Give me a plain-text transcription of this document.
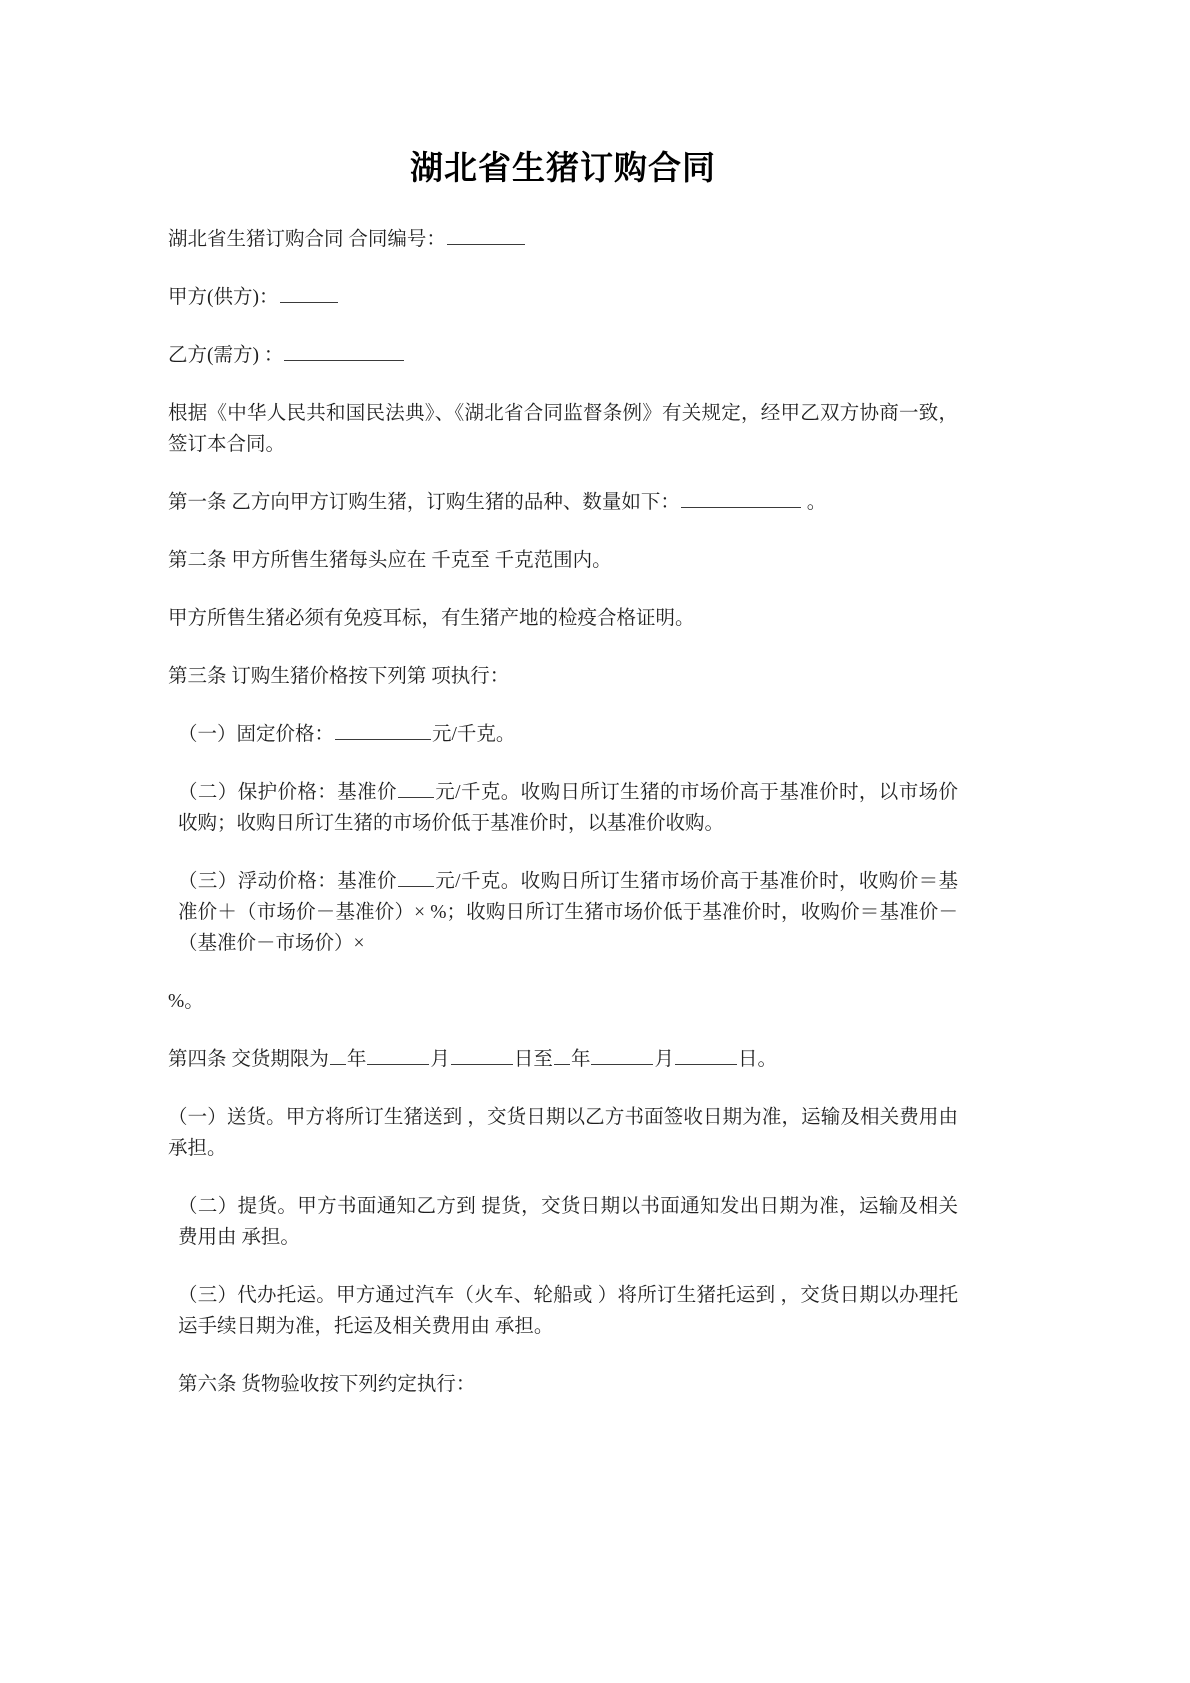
湖北省生猪订购合同

湖北省生猪订购合同 合同编号：

甲方(供方)：

乙方(需方) ：

根据《中华人民共和国民法典》、《湖北省合同监督条例》有关规定，经甲乙双方协商一致，签订本合同。

第一条 乙方向甲方订购生猪，订购生猪的品种、数量如下：	。

第二条 甲方所售生猪每头应在 千克至 千克范围内。

甲方所售生猪必须有免疫耳标，有生猪产地的检疫合格证明。

第三条 订购生猪价格按下列第 项执行：

（一）固定价格：	元/千克。

（二）保护价格：基准价 元/千克。收购日所订生猪的市场价高于基准价时，以市场价收购；收购日所订生猪的市场价低于基准价时，以基准价收购。

（三）浮动价格：基准价 元/千克。收购日所订生猪市场价高于基准价时，收购价＝基准价＋（市场价－基准价）× %；收购日所订生猪市场价低于基准价时，收购价＝基准价－（基准价－市场价）×

%。

第四条 交货期限为 年	月	日至 年	月	日。

（一）送货。甲方将所订生猪送到 ，交货日期以乙方书面签收日期为准，运输及相关费用由 承担。

（二）提货。甲方书面通知乙方到 提货，交货日期以书面通知发出日期为准，运输及相关费用由 承担。

（三）代办托运。甲方通过汽车（火车、轮船或 ）将所订生猪托运到 ，交货日期以办理托运手续日期为准，托运及相关费用由 承担。

第六条 货物验收按下列约定执行：
